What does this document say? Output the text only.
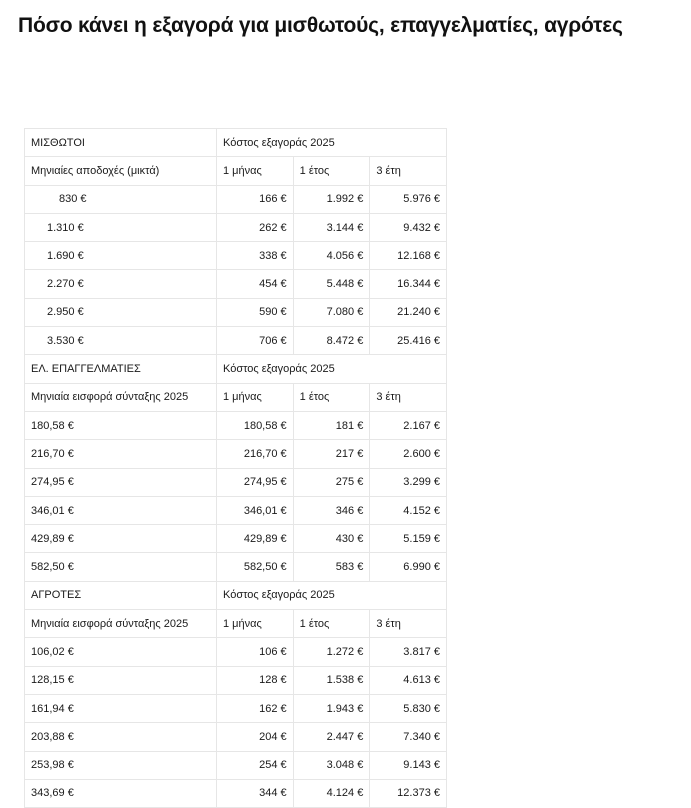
Πόσο κάνει η εξαγορά για μισθωτούς, επαγγελματίες, αγρότες
ΜΙΣΘΩΤΟΙ	Κόστος εξαγοράς 2025		
Μηνιαίες αποδοχές (μικτά)	1 μήνας	1 έτος	3 έτη
830 €	166 €	1.992 €	5.976 €
1.310 €	262 €	3.144 €	9.432 €
1.690 €	338 €	4.056 €	12.168 €
2.270 €	454 €	5.448 €	16.344 €
2.950 €	590 €	7.080 €	21.240 €
3.530 €	706 €	8.472 €	25.416 €
ΕΛ. ΕΠΑΓΓΕΛΜΑΤΙΕΣ	Κόστος εξαγοράς 2025		
Μηνιαία εισφορά σύνταξης 2025	1 μήνας	1 έτος	3 έτη
180,58 €	180,58 €	181 €	2.167 €
216,70 €	216,70 €	217 €	2.600 €
274,95 €	274,95 €	275 €	3.299 €
346,01 €	346,01 €	346 €	4.152 €
429,89 €	429,89 €	430 €	5.159 €
582,50 €	582,50 €	583 €	6.990 €
ΑΓΡΟΤΕΣ	Κόστος εξαγοράς 2025		
Μηνιαία εισφορά σύνταξης 2025	1 μήνας	1 έτος	3 έτη
106,02 €	106 €	1.272 €	3.817 €
128,15 €	128 €	1.538 €	4.613 €
161,94 €	162 €	1.943 €	5.830 €
203,88 €	204 €	2.447 €	7.340 €
253,98 €	254 €	3.048 €	9.143 €
343,69 €	344 €	4.124 €	12.373 €
